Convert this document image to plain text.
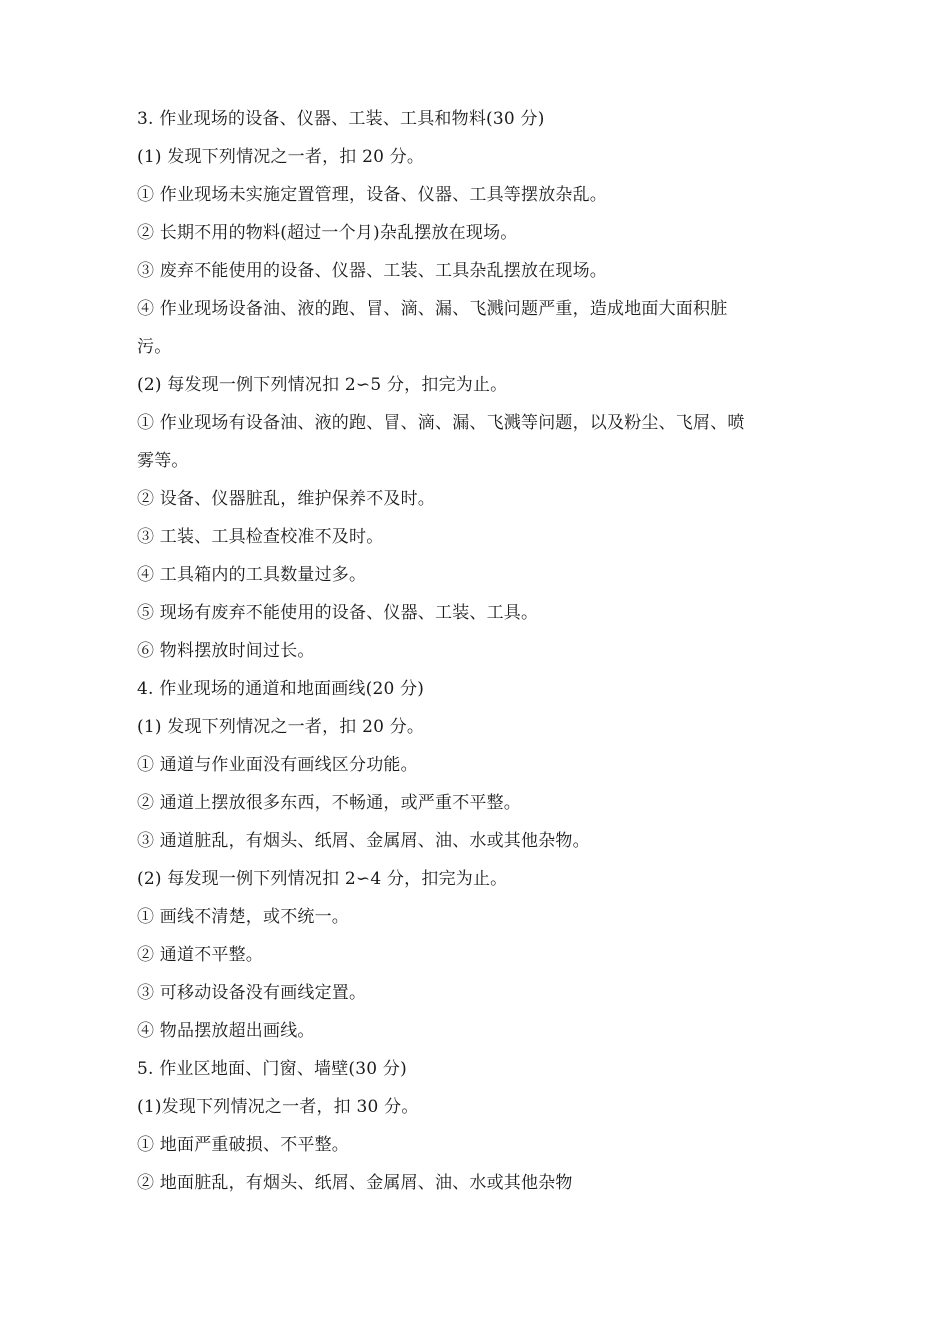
3. 作业现场的设备、仪器、工装、工具和物料(30 分)
(1) 发现下列情况之一者，扣 20 分。
① 作业现场未实施定置管理，设备、仪器、工具等摆放杂乱。
② 长期不用的物料(超过一个月)杂乱摆放在现场。
③ 废弃不能使用的设备、仪器、工装、工具杂乱摆放在现场。
④ 作业现场设备油、液的跑、冒、滴、漏、飞溅问题严重，造成地面大面积脏
污。
(2) 每发现一例下列情况扣 2∽5 分，扣完为止。
① 作业现场有设备油、液的跑、冒、滴、漏、飞溅等问题，以及粉尘、飞屑、喷
雾等。
② 设备、仪器脏乱，维护保养不及时。
③ 工装、工具检查校准不及时。
④ 工具箱内的工具数量过多。
⑤ 现场有废弃不能使用的设备、仪器、工装、工具。
⑥ 物料摆放时间过长。
4. 作业现场的通道和地面画线(20 分)
(1) 发现下列情况之一者，扣 20 分。
① 通道与作业面没有画线区分功能。
② 通道上摆放很多东西，不畅通，或严重不平整。
③ 通道脏乱，有烟头、纸屑、金属屑、油、水或其他杂物。
(2) 每发现一例下列情况扣 2∽4 分，扣完为止。
① 画线不清楚，或不统一。
② 通道不平整。
③ 可移动设备没有画线定置。
④ 物品摆放超出画线。
5. 作业区地面、门窗、墙壁(30 分)
(1)发现下列情况之一者，扣 30 分。
① 地面严重破损、不平整。
② 地面脏乱，有烟头、纸屑、金属屑、油、水或其他杂物
